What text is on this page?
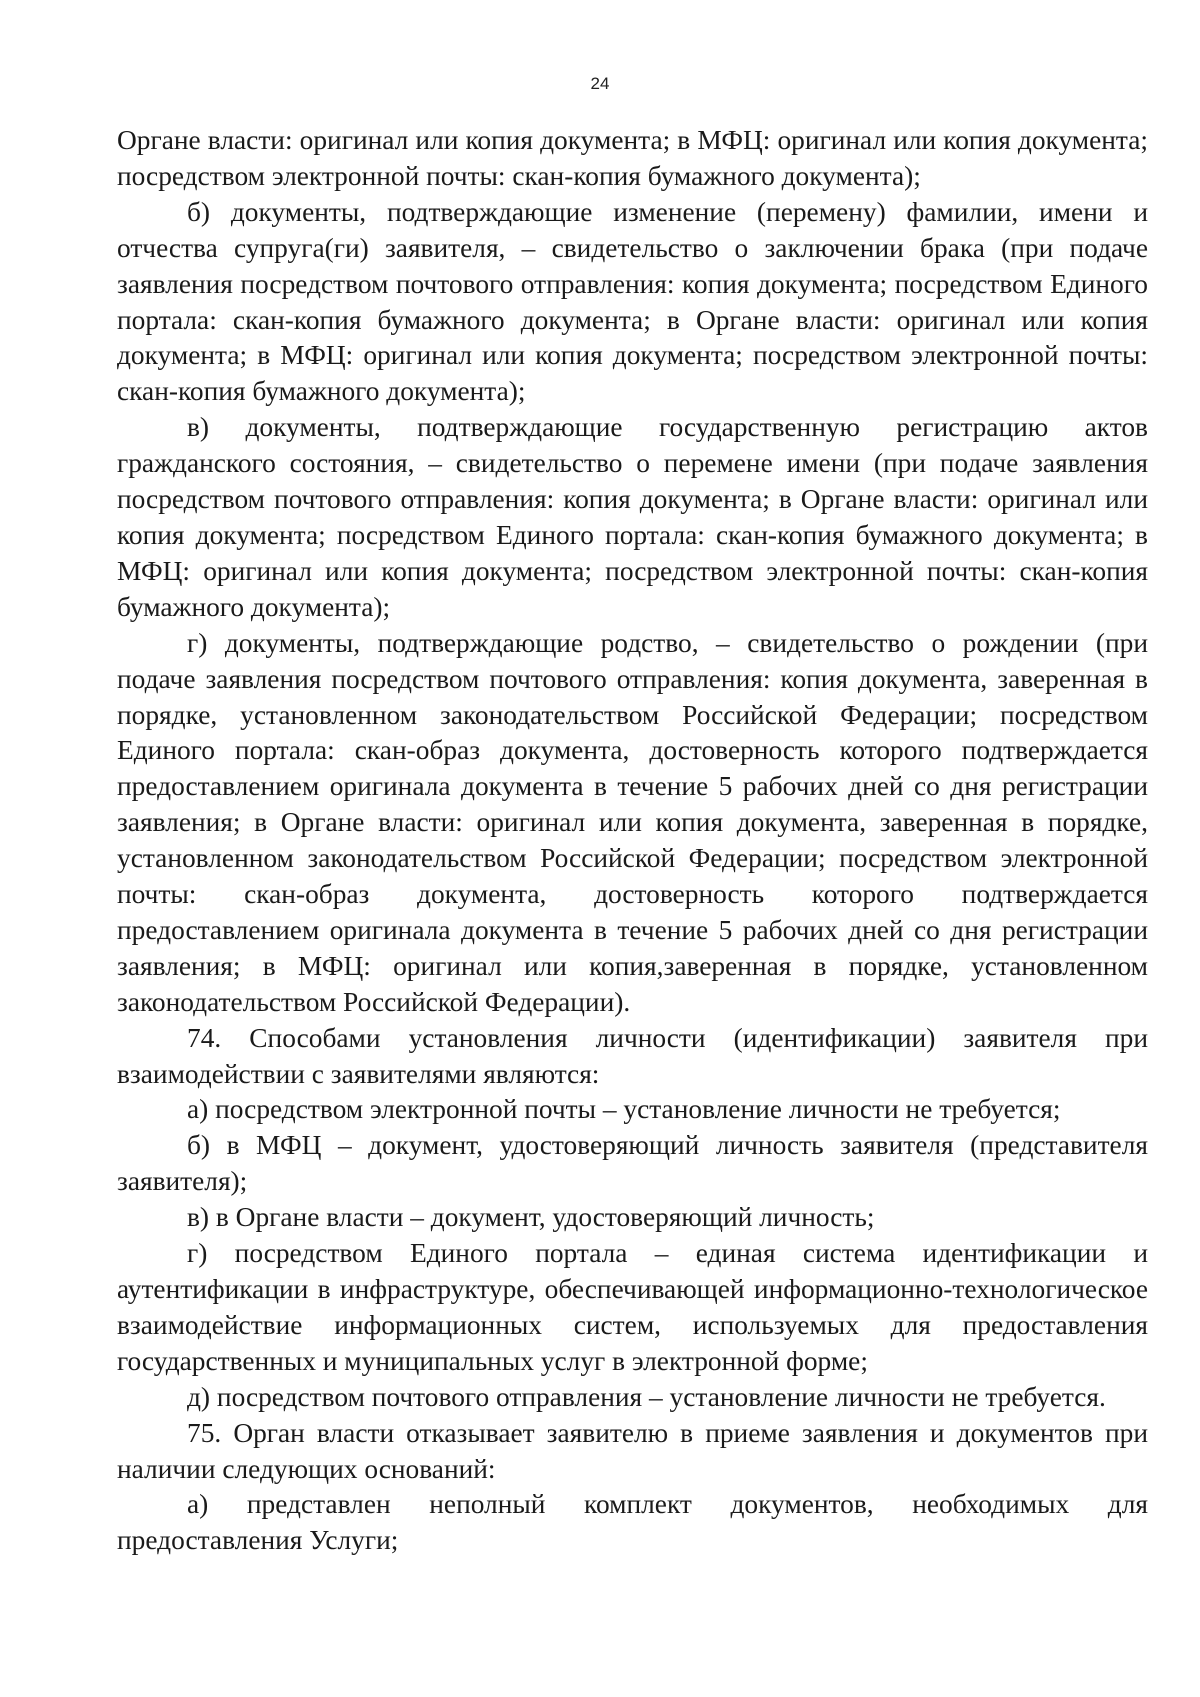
24

Органе власти: оригинал или копия документа; в МФЦ: оригинал или копия документа; посредством электронной почты: скан-копия бумажного документа);

б) документы, подтверждающие изменение (перемену) фамилии, имени и отчества супруга(ги) заявителя, – свидетельство о заключении брака (при подаче заявления посредством почтового отправления: копия документа; посредством Единого портала: скан-копия бумажного документа; в Органе власти: оригинал или копия документа; в МФЦ: оригинал или копия документа; посредством электронной почты: скан-копия бумажного документа);

в) документы, подтверждающие государственную регистрацию актов гражданского состояния, – свидетельство о перемене имени (при подаче заявления посредством почтового отправления: копия документа; в Органе власти: оригинал или копия документа; посредством Единого портала: скан-копия бумажного документа; в МФЦ: оригинал или копия документа; посредством электронной почты: скан-копия бумажного документа);

г) документы, подтверждающие родство, – свидетельство о рождении (при подаче заявления посредством почтового отправления: копия документа, заверенная в порядке, установленном законодательством Российской Федерации; посредством Единого портала: скан-образ документа, достоверность которого подтверждается предоставлением оригинала документа в течение 5 рабочих дней со дня регистрации заявления; в Органе власти: оригинал или копия документа, заверенная в порядке, установленном законодательством Российской Федерации; посредством электронной почты: скан-образ документа, достоверность которого подтверждается предоставлением оригинала документа в течение 5 рабочих дней со дня регистрации заявления; в МФЦ: оригинал или копия,заверенная в порядке, установленном законодательством Российской Федерации).

74. Способами установления личности (идентификации) заявителя при взаимодействии с заявителями являются:

а) посредством электронной почты – установление личности не требуется;

б) в МФЦ – документ, удостоверяющий личность заявителя (представителя заявителя);

в) в Органе власти – документ, удостоверяющий личность;

г) посредством Единого портала – единая система идентификации и аутентификации в инфраструктуре, обеспечивающей информационно-технологическое взаимодействие информационных систем, используемых для предоставления государственных и муниципальных услуг в электронной форме;

д) посредством почтового отправления – установление личности не требуется.

75. Орган власти отказывает заявителю в приеме заявления и документов при наличии следующих оснований:

а) представлен неполный комплект документов, необходимых для предоставления Услуги;
